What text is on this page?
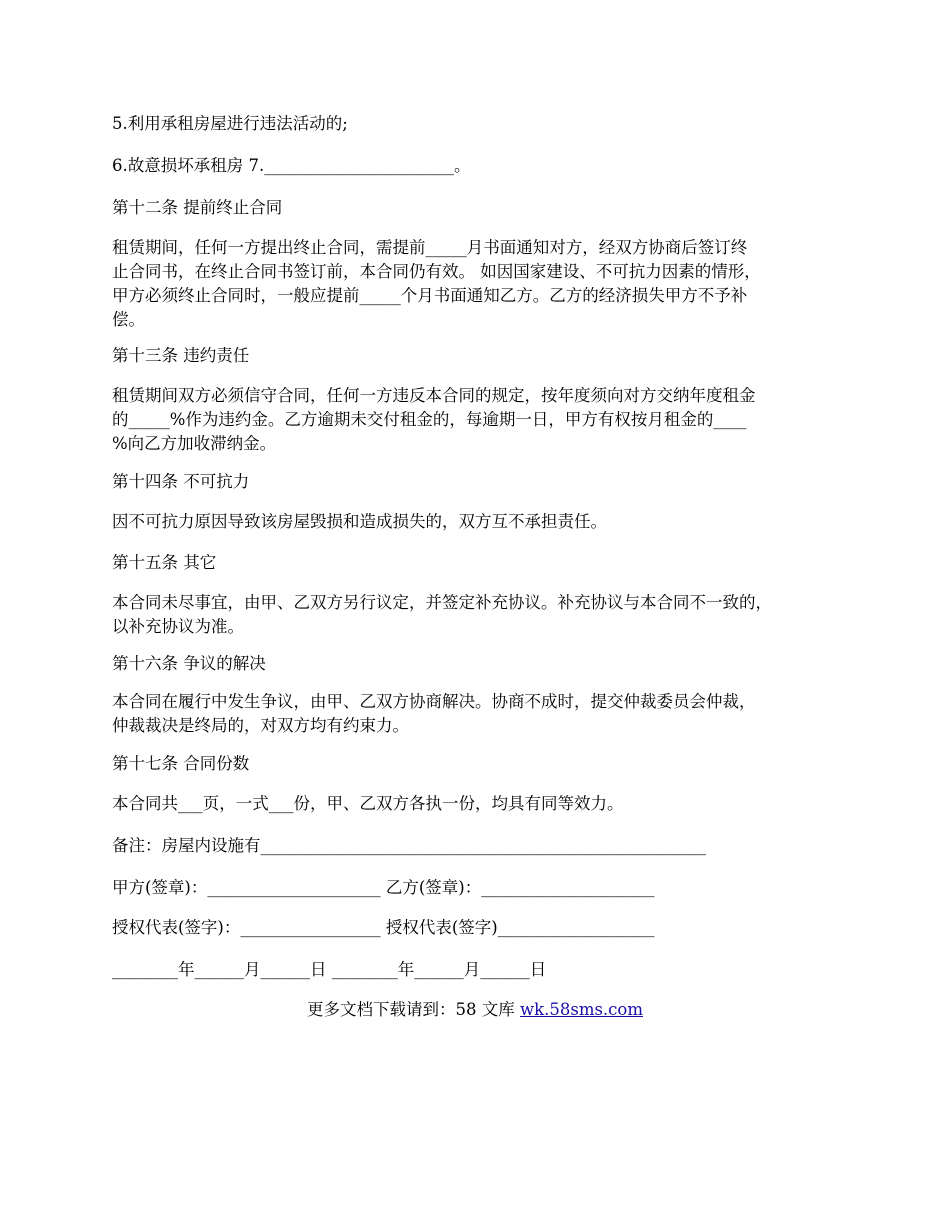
5.利用承租房屋进行违法活动的;
6.故意损坏承租房 7._______________________。
第十二条 提前终止合同
租赁期间，任何一方提出终止合同，需提前_____月书面通知对方，经双方协商后签订终
止合同书，在终止合同书签订前，本合同仍有效。 如因国家建设、不可抗力因素的情形，
甲方必须终止合同时，一般应提前_____个月书面通知乙方。乙方的经济损失甲方不予补
偿。
第十三条 违约责任
租赁期间双方必须信守合同，任何一方违反本合同的规定，按年度须向对方交纳年度租金
的_____%作为违约金。乙方逾期未交付租金的，每逾期一日，甲方有权按月租金的____
%向乙方加收滞纳金。
第十四条 不可抗力
因不可抗力原因导致该房屋毁损和造成损失的，双方互不承担责任。
第十五条 其它
本合同未尽事宜，由甲、乙双方另行议定，并签定补充协议。补充协议与本合同不一致的，
以补充协议为准。
第十六条 争议的解决
本合同在履行中发生争议，由甲、乙双方协商解决。协商不成时，提交仲裁委员会仲裁，
仲裁裁决是终局的，对双方均有约束力。
第十七条 合同份数
本合同共___页，一式___份，甲、乙双方各执一份，均具有同等效力。
备注：房屋内设施有______________________________________________________
甲方(签章)：_____________________ 乙方(签章)：_____________________
授权代表(签字)：_________________ 授权代表(签字)___________________
________年______月______日 ________年______月______日
更多文档下载请到：58 文库 wk.58sms.com
